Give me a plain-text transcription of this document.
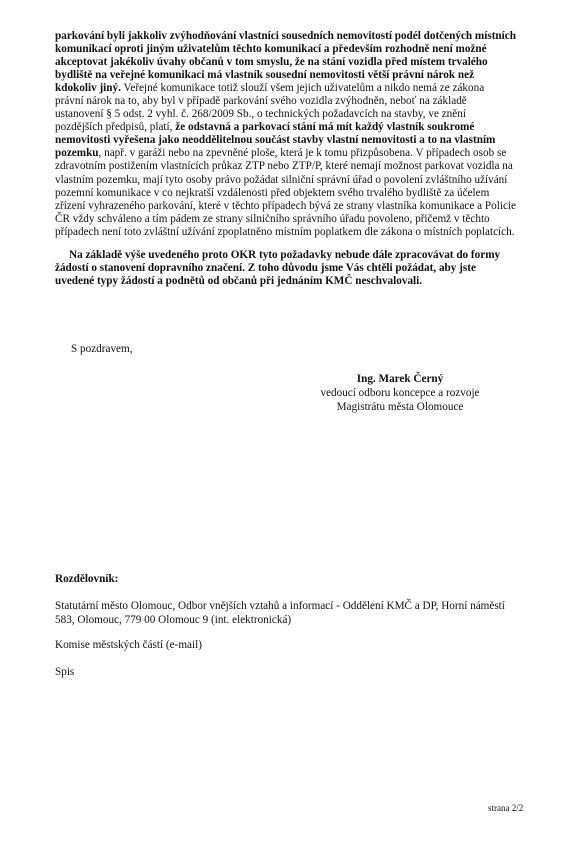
parkování byli jakkoliv zvýhodňování vlastníci sousedních nemovitostí podél dotčených místních
komunikací oproti jiným uživatelům těchto komunikací a především rozhodně není možné
akceptovat jakékoliv úvahy občanů v tom smyslu, že na stání vozidla před místem trvalého
bydliště na veřejné komunikaci má vlastník sousední nemovitosti větší právní nárok než
kdokoliv jiný. Veřejné komunikace totiž slouží všem jejich uživatelům a nikdo nemá ze zákona
právní nárok na to, aby byl v případě parkování svého vozidla zvýhodněn, neboť na základě
ustanovení § 5 odst. 2 vyhl. č. 268/2009 Sb., o technických požadavcích na stavby, ve znění
pozdějších předpisů, platí, že odstavná a parkovací stání má mít každý vlastník soukromé
nemovitosti vyřešena jako neoddělitelnou součást stavby vlastní nemovitosti a to na vlastním
pozemku, např. v garáži nebo na zpevněné ploše, která je k tomu přizpůsobena. V případech osob se
zdravotním postižením vlastnících průkaz ZTP nebo ZTP/P, které nemají možnost parkovat vozidla na
vlastním pozemku, mají tyto osoby právo požádat silniční správní úřad o povolení zvláštního užívání
pozemní komunikace v co nejkratší vzdálenosti před objektem svého trvalého bydliště za účelem
zřízení vyhrazeného parkování, které v těchto případech bývá ze strany vlastníka komunikace a Policie
ČR vždy schváleno a tím pádem ze strany silničního správního úřadu povoleno, přičemž v těchto
případech není toto zvláštní užívání zpoplatněno místním poplatkem dle zákona o místních poplatcích.

Na základě výše uvedeného proto OKR tyto požadavky nebude dále zpracovávat do formy
žádostí o stanovení dopravního značení. Z toho důvodu jsme Vás chtěli požádat, aby jste
uvedené typy žádostí a podnětů od občanů při jednáním KMČ neschvalovali.

S pozdravem,
Ing. Marek Černý
vedoucí odboru koncepce a rozvoje
Magistrátu města Olomouce
Rozdělovník:
Statutární město Olomouc, Odbor vnějších vztahů a informací - Oddělení KMČ a DP, Horní náměstí
583, Olomouc, 779 00 Olomouc 9 (int. elektronická)
Komise městských částí (e-mail)
Spis
strana 2/2
